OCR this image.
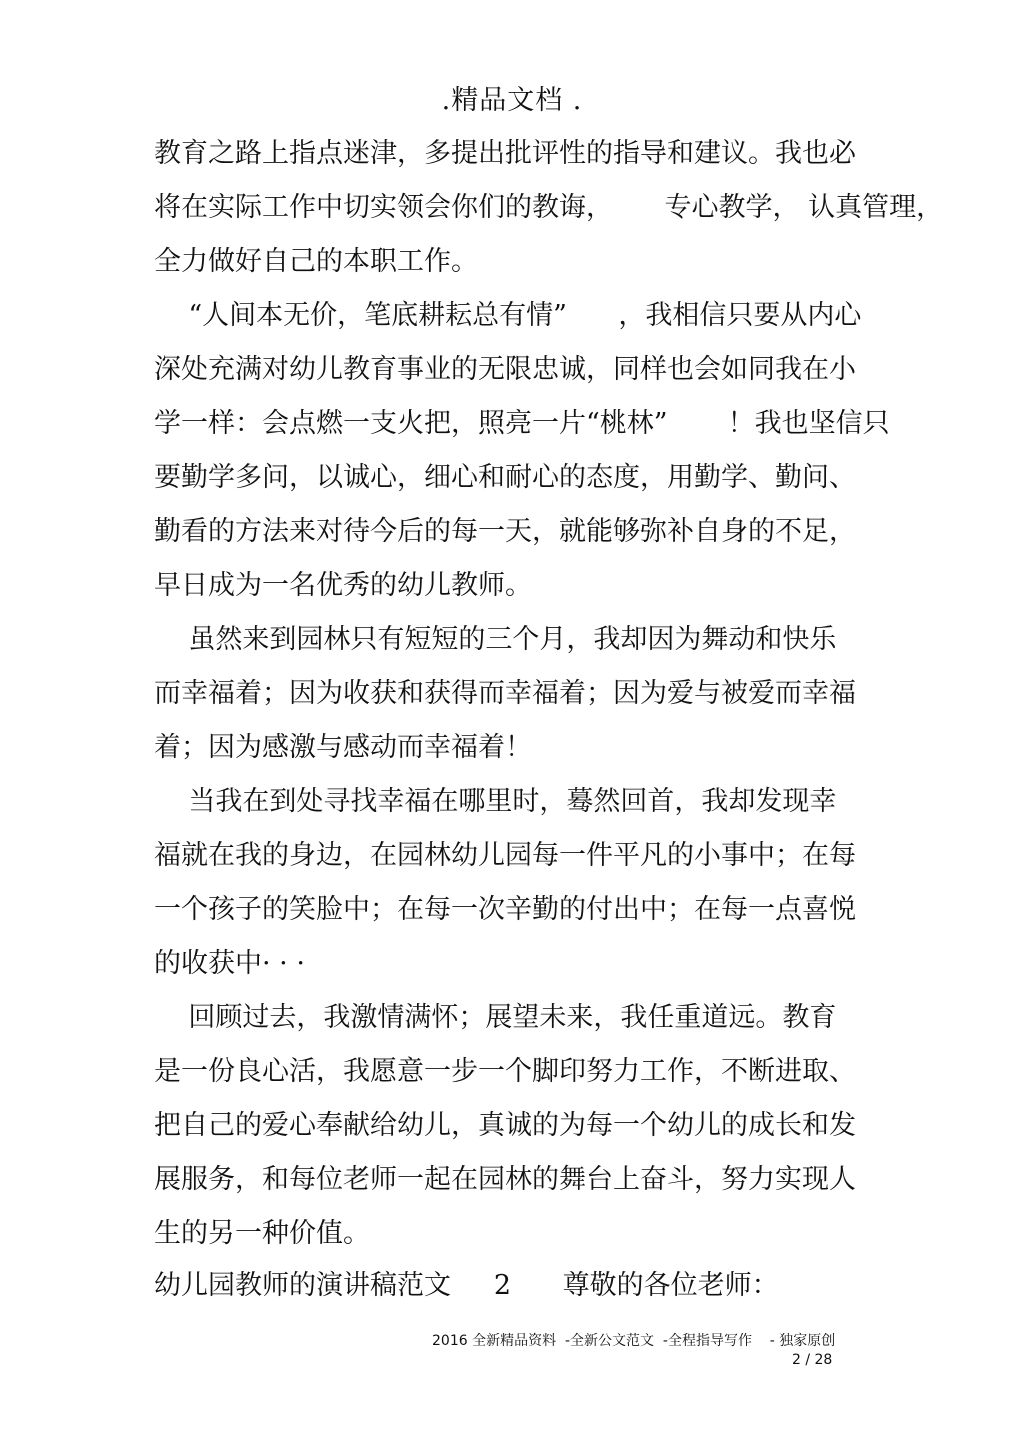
.精品文档 .
教育之路上指点迷津，多提出批评性的指导和建议。我也必
将在实际工作中切实领会你们的教诲，      专心教学， 认真管理，
全力做好自己的本职工作。
“人间本无价，笔底耕耘总有情”      ，我相信只要从内心
深处充满对幼儿教育事业的无限忠诚，同样也会如同我在小
学一样：会点燃一支火把，照亮一片“桃林”       ！我也坚信只
要勤学多问，以诚心，细心和耐心的态度，用勤学、勤问、
勤看的方法来对待今后的每一天，就能够弥补自身的不足，
早日成为一名优秀的幼儿教师。
虽然来到园林只有短短的三个月，我却因为舞动和快乐
而幸福着；因为收获和获得而幸福着；因为爱与被爱而幸福
着；因为感激与感动而幸福着！
当我在到处寻找幸福在哪里时，蓦然回首，我却发现幸
福就在我的身边，在园林幼儿园每一件平凡的小事中；在每
一个孩子的笑脸中；在每一次辛勤的付出中；在每一点喜悦
的收获中· · ·
回顾过去，我激情满怀；展望未来，我任重道远。教育
是一份良心活，我愿意一步一个脚印努力工作，不断进取、
把自己的爱心奉献给幼儿，真诚的为每一个幼儿的成长和发
展服务，和每位老师一起在园林的舞台上奋斗，努力实现人
生的另一种价值。
幼儿园教师的演讲稿范文     2      尊敬的各位老师：
2016 全新精品资料  -全新公文范文  -全程指导写作    - 独家原创
2 / 28
